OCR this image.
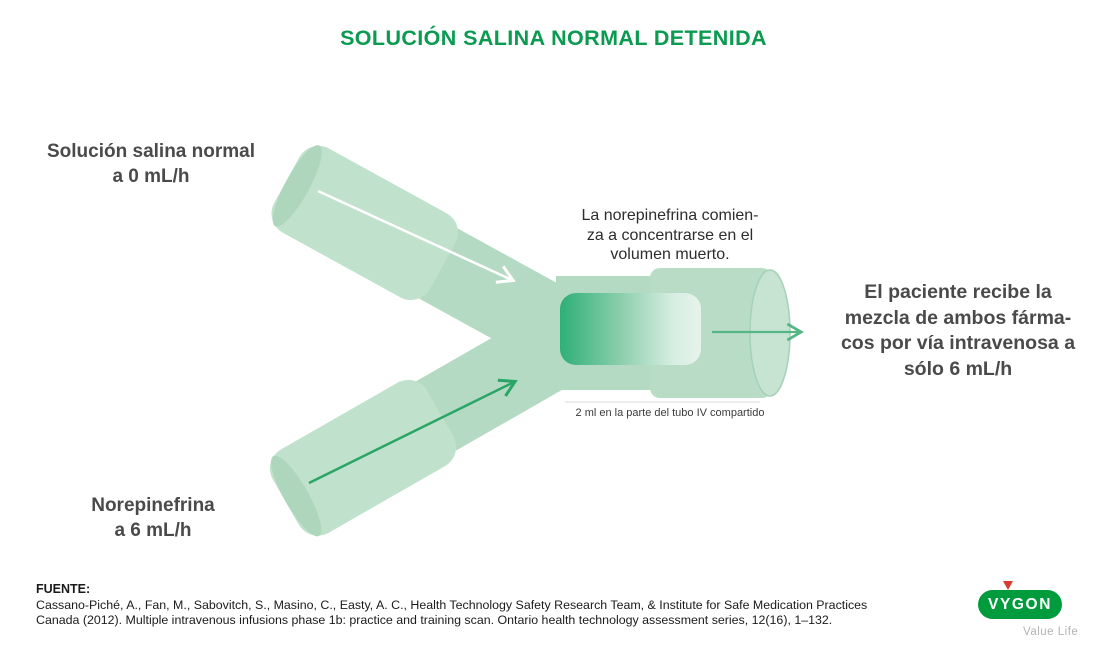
SOLUCIÓN SALINA NORMAL DETENIDA
Solución salina normal
a 0 mL/h
Norepinefrina
a 6 mL/h
La norepinefrina comien-
za a concentrarse en el
volumen muerto.
El paciente recibe la
mezcla de ambos fárma-
cos por vía intravenosa a
sólo 6 mL/h
2 ml en la parte del tubo IV compartido
FUENTE:
Cassano-Piché, A., Fan, M., Sabovitch, S., Masino, C., Easty, A. C., Health Technology Safety Research Team, & Institute for Safe Medication Practices
Canada (2012). Multiple intravenous infusions phase 1b: practice and training scan. Ontario health technology assessment series, 12(16), 1–132.
VYGON
Value Life
